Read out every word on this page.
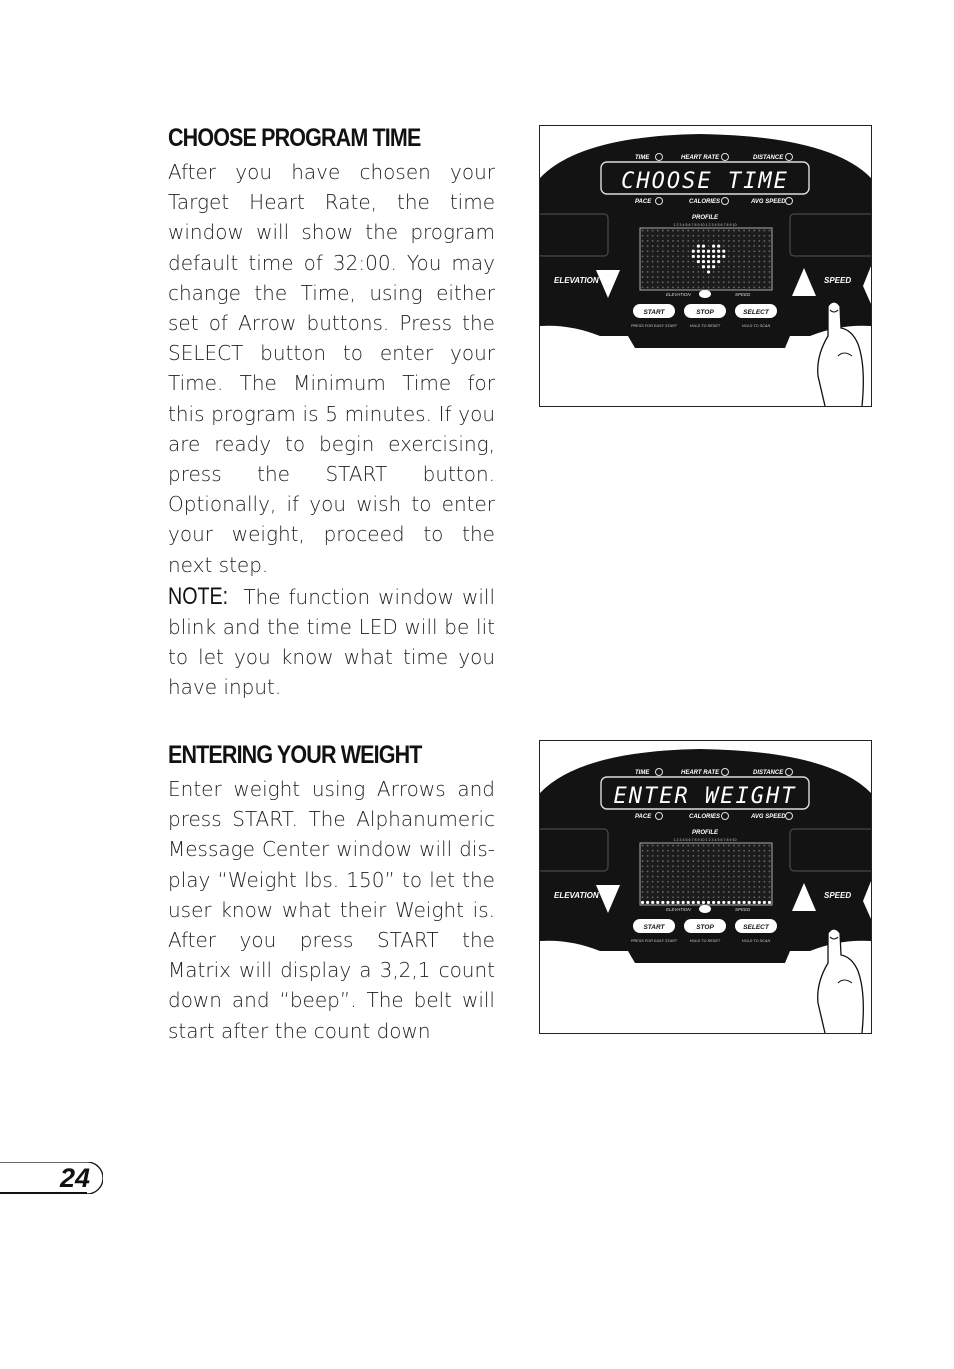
CHOOSE PROGRAM TIME

After you have chosen your Target Heart Rate, the time window will show the program default time of 32:00. You may change the Time, using either set of Arrow buttons. Press the SELECT button to enter your Time. The Minimum Time for this program is 5 minutes. If you are ready to begin exercising, press the START button. Optionally, if you wish to enter your weight, proceed to the next step.

NOTE: The function window will blink and the time LED will be lit to let you know what time you have input.

ENTERING YOUR WEIGHT

Enter weight using Arrows and press START. The Alphanumeric Message Center window will dis-play “Weight lbs. 150” to let the user know what their Weight is. After you press START the Matrix will display a 3,2,1 count down and “beep”. The belt will start after the count down

TIME	HEART RATE	DISTANCE
PACE	CALORIES	AVG SPEED
CHOOSE TIME
PROFILE
1 2 3 4 5 6 7 8 9 10 1 2 3 4 5 6 7 8 9 10
ELEVATION	SPEED
ELEVATION	SPEED
START
PRESS FOR EASY START
STOP
HOLD TO RESET
SELECT
HOLD TO SCAN
TIME	HEART RATE	DISTANCE
PACE	CALORIES	AVG SPEED
ENTER WEIGHT
PROFILE
1 2 3 4 5 6 7 8 9 10 1 2 3 4 5 6 7 8 9 10
ELEVATION	SPEED
ELEVATION	SPEED
START
PRESS FOR EASY START
STOP
HOLD TO RESET
SELECT
HOLD TO SCAN
24
